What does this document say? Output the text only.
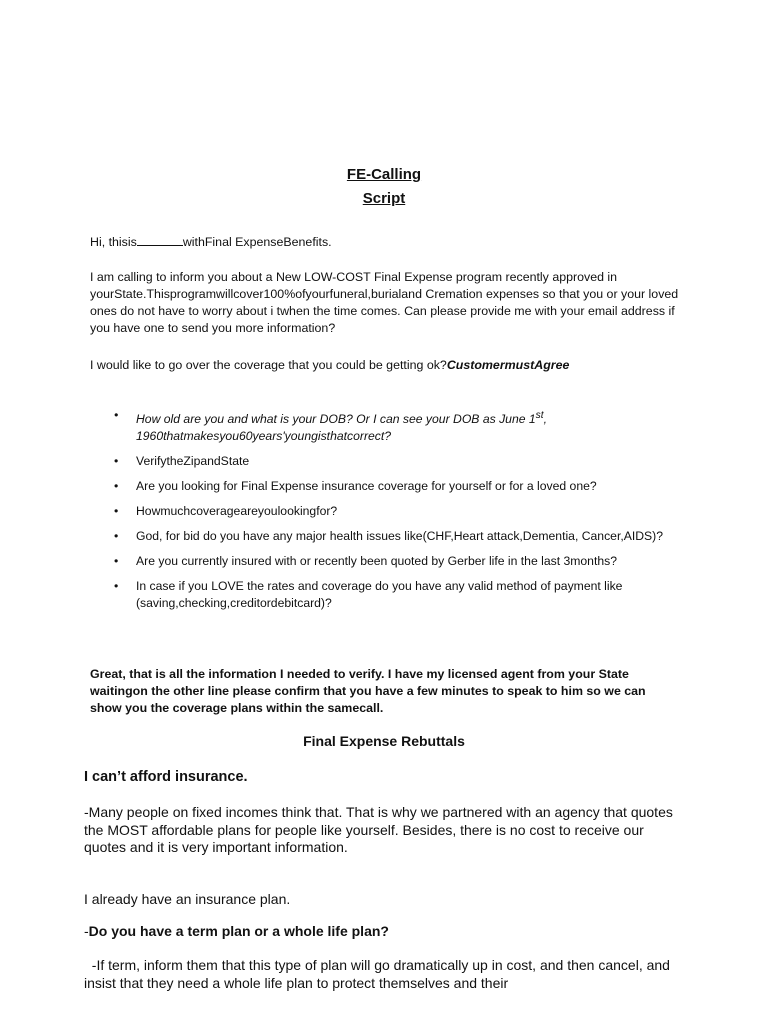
FE-Calling
Script
Hi, thisis	withFinal ExpenseBenefits.
I am calling to inform you about a New LOW-COST Final Expense program recently approved in yourState.Thisprogramwillcover100%ofyourfuneral,burialand Cremation expenses so that you or your loved ones do not have to worry about i twhen the time comes. Can please provide me with your email address if you have one to send you more information?
I would like to go over the coverage that you could be getting ok?CustomermustAgree
• How old are you and what is your DOB? Or I can see your DOB as June 1st, 1960thatmakesyou60years'youngisthatcorrect?
• VerifytheZipandState
• Are you looking for Final Expense insurance coverage for yourself or for a loved one?
• Howmuchcoverageareyoulookingfor?
• God, for bid do you have any major health issues like(CHF,Heart attack,Dementia, Cancer,AIDS)?
• Are you currently insured with or recently been quoted by Gerber life in the last 3months?
• In case if you LOVE the rates and coverage do you have any valid method of payment like (saving,checking,creditordebitcard)?
Great, that is all the information I needed to verify. I have my licensed agent from your State waitingon the other line please confirm that you have a few minutes to speak to him so we can show you the coverage plans within the samecall.
Final Expense Rebuttals
I can’t afford insurance.
-Many people on fixed incomes think that. That is why we partnered with an agency that quotes the MOST affordable plans for people like yourself. Besides, there is no cost to receive our quotes and it is very important information.
I already have an insurance plan.
-Do you have a term plan or a whole life plan?
-If term, inform them that this type of plan will go dramatically up in cost, and then cancel, and insist that they need a whole life plan to protect themselves and their
